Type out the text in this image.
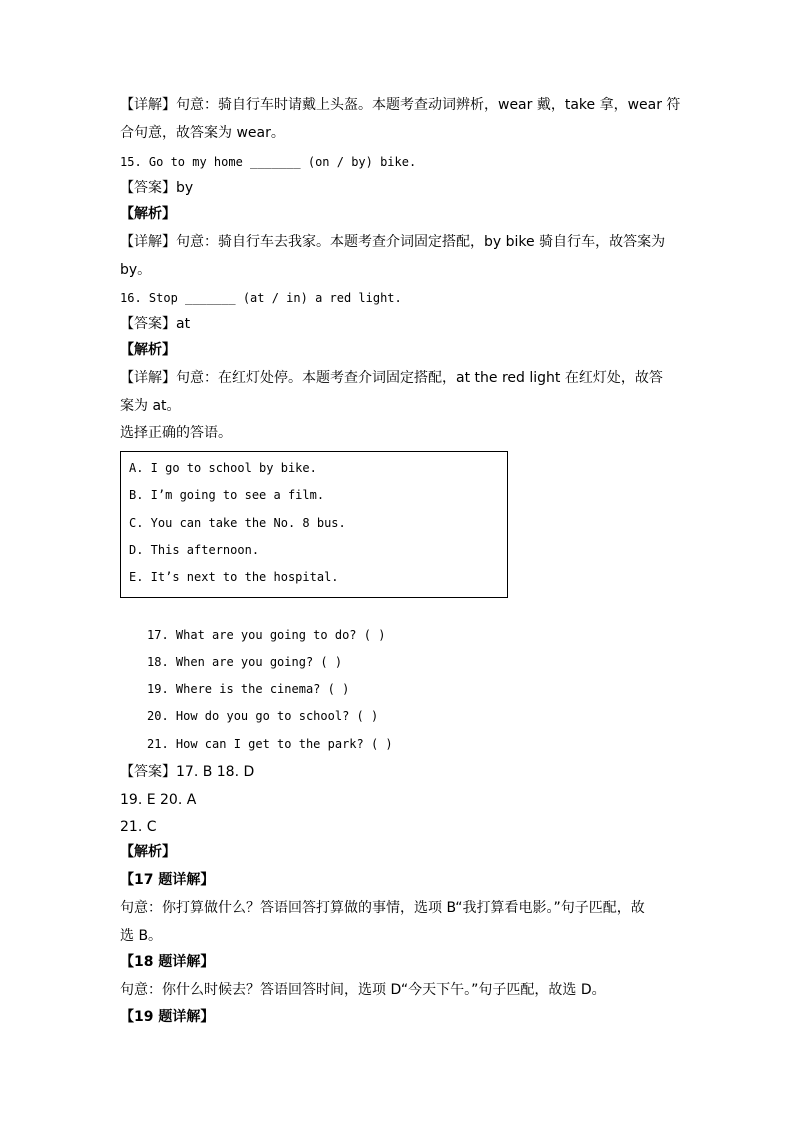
【详解】句意：骑自行车时请戴上头盔。本题考查动词辨析，wear 戴，take 拿，wear 符
合句意，故答案为 wear。
15. Go to my home _______ (on / by) bike.
【答案】by
【解析】
【详解】句意：骑自行车去我家。本题考查介词固定搭配，by bike 骑自行车，故答案为
by。
16. Stop _______ (at / in) a red light.
【答案】at
【解析】
【详解】句意：在红灯处停。本题考查介词固定搭配，at the red light 在红灯处，故答
案为 at。
选择正确的答语。
A. I go to school by bike.
B. I’m going to see a film.
C. You can take the No. 8 bus.
D. This afternoon.
E. It’s next to the hospital.
17. What are you going to do? ( )
18. When are you going? ( )
19. Where is the cinema? ( )
20. How do you go to school? ( )
21. How can I get to the park? ( )
【答案】17. B 18. D
19. E 20. A
21. C
【解析】
【17 题详解】
句意：你打算做什么？答语回答打算做的事情，选项 B“我打算看电影。”句子匹配，故
选 B。
【18 题详解】
句意：你什么时候去？答语回答时间，选项 D“今天下午。”句子匹配，故选 D。
【19 题详解】
